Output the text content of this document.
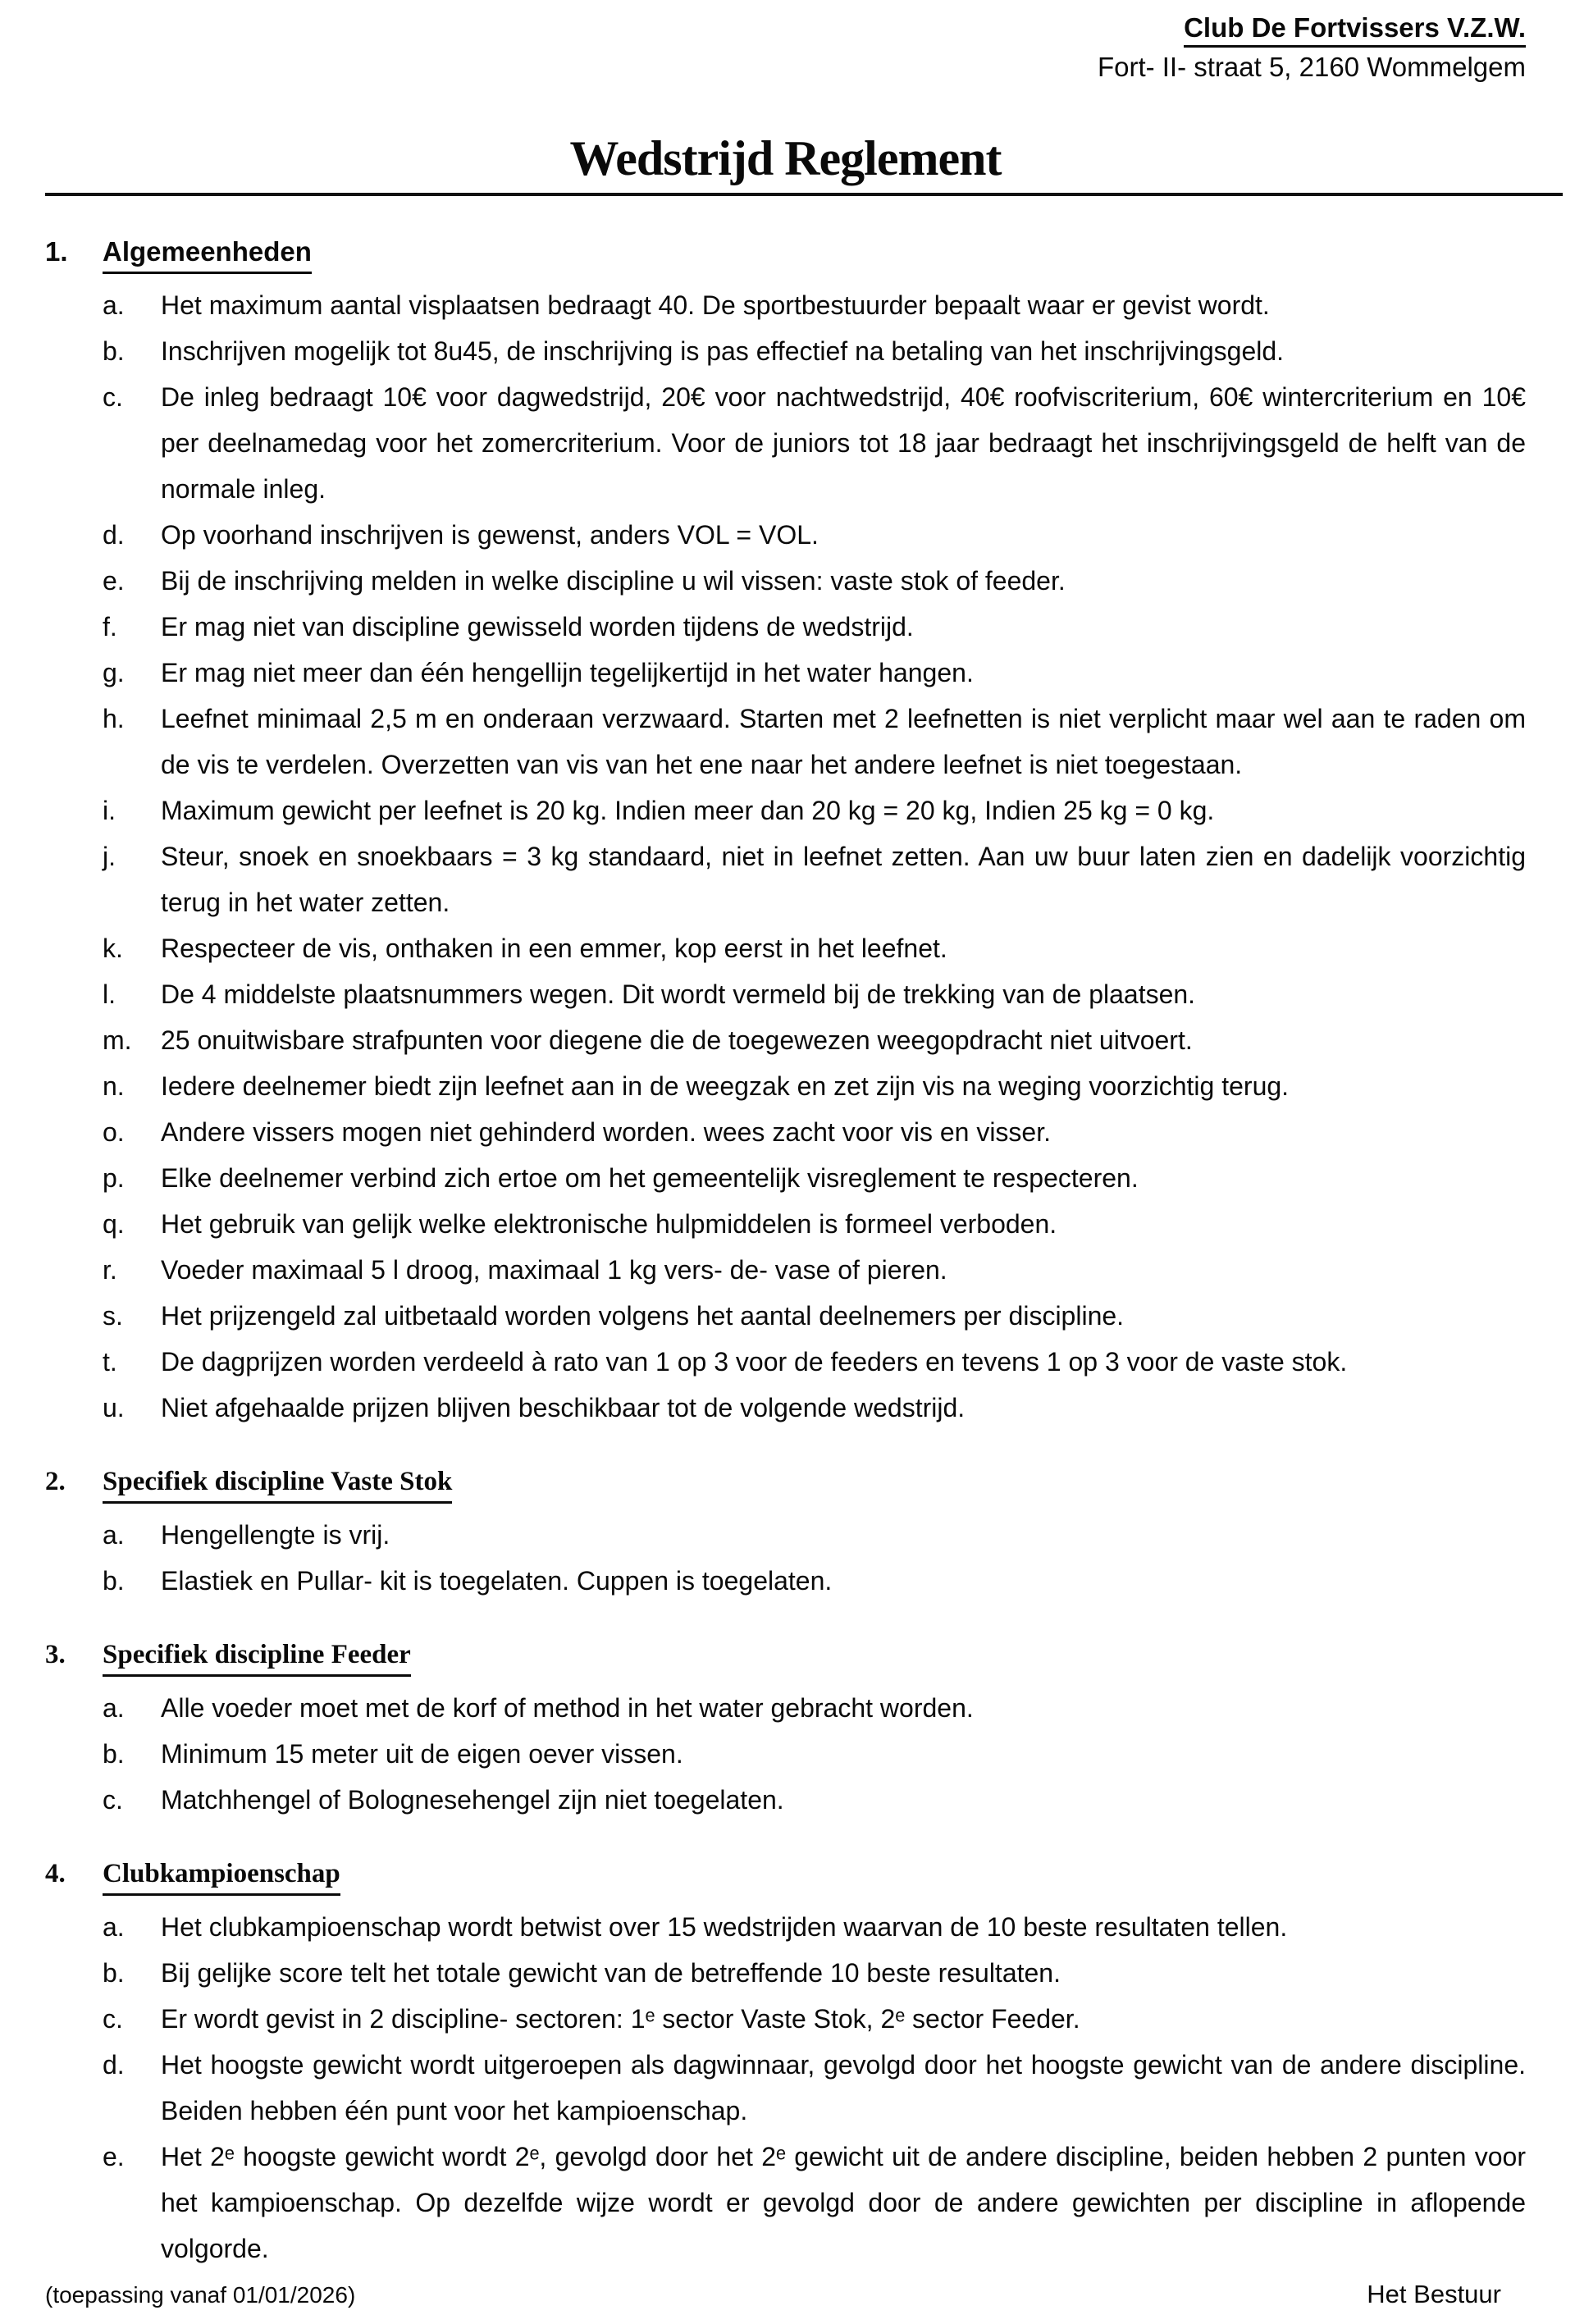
Club De Fortvissers V.Z.W.
Fort- II- straat 5, 2160 Wommelgem
Wedstrijd Reglement
1.	Algemeenheden
a.	Het maximum aantal visplaatsen bedraagt 40. De sportbestuurder bepaalt waar er gevist wordt.

b.	Inschrijven mogelijk tot 8u45, de inschrijving is pas effectief na betaling van het inschrijvingsgeld.

c.	De inleg bedraagt 10€ voor dagwedstrijd, 20€ voor nachtwedstrijd, 40€ roofviscriterium, 60€ wintercriterium en 10€ per deelnamedag voor het zomercriterium. Voor de juniors tot 18 jaar bedraagt het inschrijvingsgeld de helft van de normale inleg.

d.	Op voorhand inschrijven is gewenst, anders VOL = VOL.

e.	Bij de inschrijving melden in welke discipline u wil vissen: vaste stok of feeder.

f.	Er mag niet van discipline gewisseld worden tijdens de wedstrijd.

g.	Er mag niet meer dan één hengellijn tegelijkertijd in het water hangen.

h.	Leefnet minimaal 2,5 m en onderaan verzwaard. Starten met 2 leefnetten is niet verplicht maar wel aan te raden om de vis te verdelen. Overzetten van vis van het ene naar het andere leefnet is niet toegestaan.

i.	Maximum gewicht per leefnet is 20 kg. Indien meer dan 20 kg = 20 kg, Indien 25 kg = 0 kg.

j.	Steur, snoek en snoekbaars = 3 kg standaard, niet in leefnet zetten. Aan uw buur laten zien en dadelijk voorzichtig terug in het water zetten.

k.	Respecteer de vis, onthaken in een emmer, kop eerst in het leefnet.

l.	De 4 middelste plaatsnummers wegen. Dit wordt vermeld bij de trekking van de plaatsen.

m.	25 onuitwisbare strafpunten voor diegene die de toegewezen weegopdracht niet uitvoert.

n.	Iedere deelnemer biedt zijn leefnet aan in de weegzak en zet zijn vis na weging voorzichtig terug.

o.	Andere vissers mogen niet gehinderd worden. wees zacht voor vis en visser.

p.	Elke deelnemer verbind zich ertoe om het gemeentelijk visreglement te respecteren.

q.	Het gebruik van gelijk welke elektronische hulpmiddelen is formeel verboden.

r.	Voeder maximaal 5 l droog, maximaal 1 kg vers- de- vase of pieren.

s.	Het prijzengeld zal uitbetaald worden volgens het aantal deelnemers per discipline.

t.	De dagprijzen worden verdeeld à rato van 1 op 3 voor de feeders en tevens 1 op 3 voor de vaste stok.

u.	Niet afgehaalde prijzen blijven beschikbaar tot de volgende wedstrijd.

2.	Specifiek discipline Vaste Stok
a.	Hengellengte is vrij.

b.	Elastiek en Pullar- kit is toegelaten. Cuppen is toegelaten.

3.	Specifiek discipline Feeder
a.	Alle voeder moet met de korf of method in het water gebracht worden.

b.	Minimum 15 meter uit de eigen oever vissen.

c.	Matchhengel of Bolognesehengel zijn niet toegelaten.

4.	Clubkampioenschap
a.	Het clubkampioenschap wordt betwist over 15 wedstrijden waarvan de 10 beste resultaten tellen.

b.	Bij gelijke score telt het totale gewicht van de betreffende 10 beste resultaten.

c.	Er wordt gevist in 2 discipline- sectoren: 1ᵉ sector Vaste Stok, 2ᵉ sector Feeder.

d.	Het hoogste gewicht wordt uitgeroepen als dagwinnaar, gevolgd door het hoogste gewicht van de andere discipline. Beiden hebben één punt voor het kampioenschap.

e.	Het 2ᵉ hoogste gewicht wordt 2ᵉ, gevolgd door het 2ᵉ gewicht uit de andere discipline, beiden hebben 2 punten voor het kampioenschap. Op dezelfde wijze wordt er gevolgd door de andere gewichten per discipline in aflopende volgorde.

(toepassing vanaf 01/01/2026)	Het Bestuur
